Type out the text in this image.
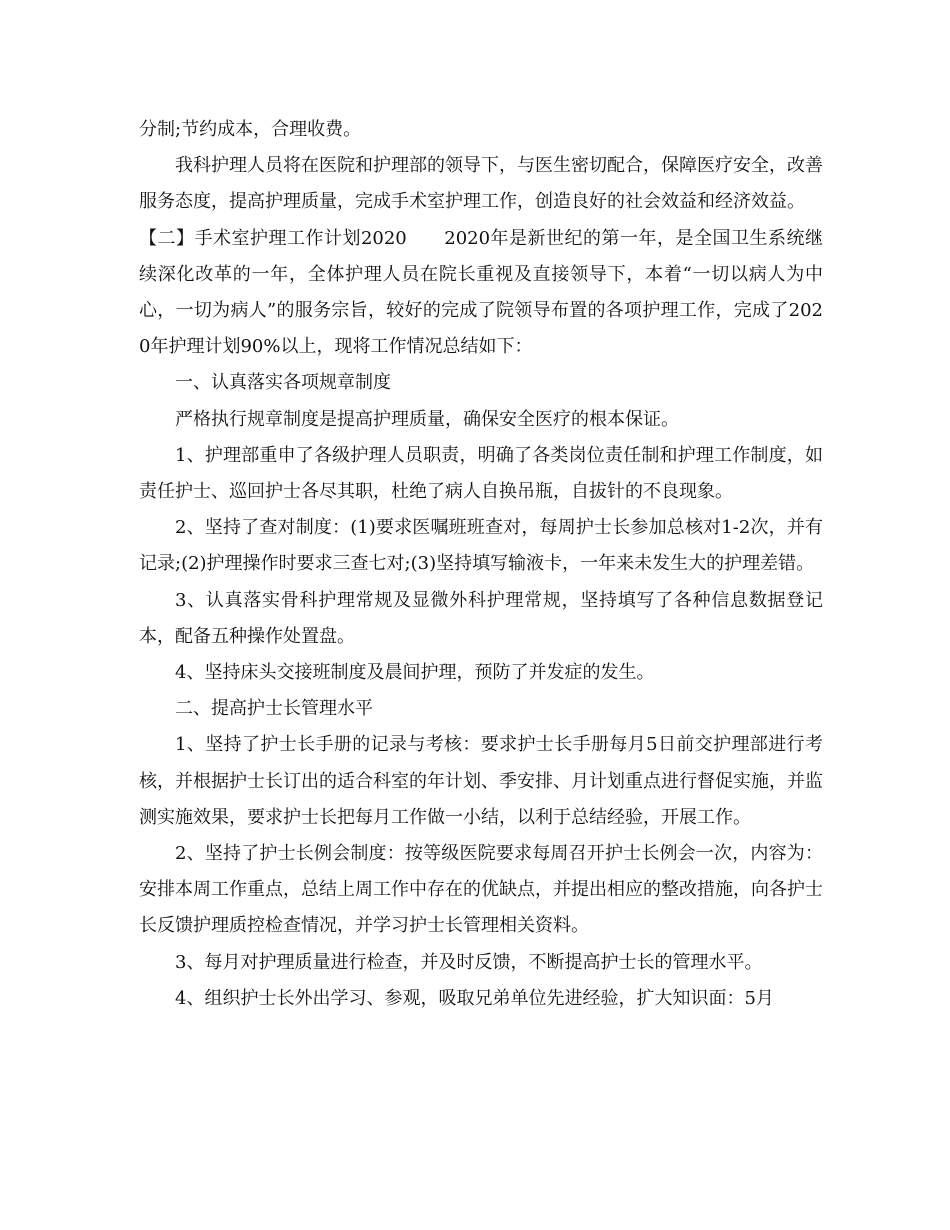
分制;节约成本，合理收费。

我科护理人员将在医院和护理部的领导下，与医生密切配合，保障医疗安全，改善服务态度，提高护理质量，完成手术室护理工作，创造良好的社会效益和经济效益。

【二】手术室护理工作计划2020　　2020年是新世纪的第一年，是全国卫生系统继续深化改革的一年，全体护理人员在院长重视及直接领导下，本着“一切以病人为中心，一切为病人”的服务宗旨，较好的完成了院领导布置的各项护理工作，完成了2020年护理计划90%以上，现将工作情况总结如下：

一、认真落实各项规章制度

严格执行规章制度是提高护理质量，确保安全医疗的根本保证。

1、护理部重申了各级护理人员职责，明确了各类岗位责任制和护理工作制度，如责任护士、巡回护士各尽其职，杜绝了病人自换吊瓶，自拔针的不良现象。

2、坚持了查对制度：(1)要求医嘱班班查对，每周护士长参加总核对1-2次，并有记录;(2)护理操作时要求三查七对;(3)坚持填写输液卡，一年来未发生大的护理差错。

3、认真落实骨科护理常规及显微外科护理常规，坚持填写了各种信息数据登记本，配备五种操作处置盘。

4、坚持床头交接班制度及晨间护理，预防了并发症的发生。

二、提高护士长管理水平

1、坚持了护士长手册的记录与考核：要求护士长手册每月5日前交护理部进行考核，并根据护士长订出的适合科室的年计划、季安排、月计划重点进行督促实施，并监测实施效果，要求护士长把每月工作做一小结，以利于总结经验，开展工作。

2、坚持了护士长例会制度：按等级医院要求每周召开护士长例会一次，内容为：安排本周工作重点，总结上周工作中存在的优缺点，并提出相应的整改措施，向各护士长反馈护理质控检查情况，并学习护士长管理相关资料。

3、每月对护理质量进行检查，并及时反馈，不断提高护士长的管理水平。

4、组织护士长外出学习、参观，吸取兄弟单位先进经验，扩大知识面：5月
